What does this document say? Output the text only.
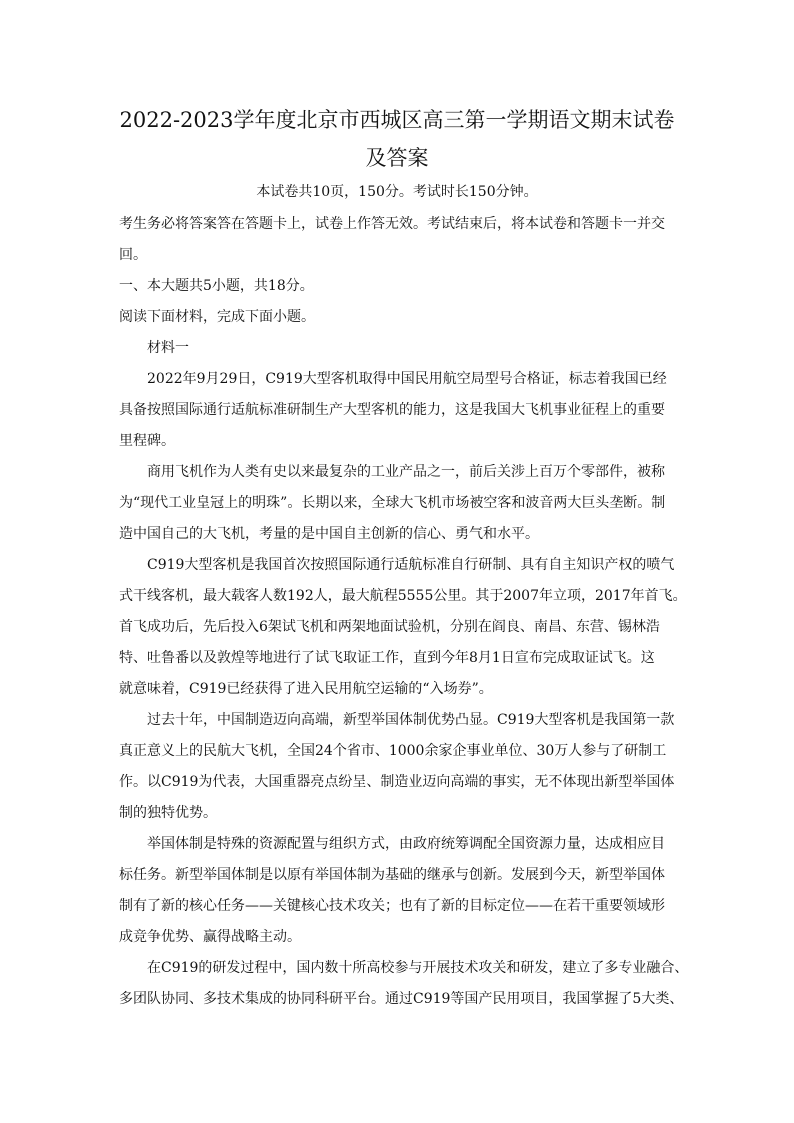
2022-2023学年度北京市西城区高三第一学期语文期末试卷
及答案
本试卷共10页，150分。考试时长150分钟。
考生务必将答案答在答题卡上，试卷上作答无效。考试结束后，将本试卷和答题卡一并交
回。
一、本大题共5小题，共18分。
阅读下面材料，完成下面小题。
材料一
2022年9月29日，C919大型客机取得中国民用航空局型号合格证，标志着我国已经
具备按照国际通行适航标准研制生产大型客机的能力，这是我国大飞机事业征程上的重要
里程碑。
商用飞机作为人类有史以来最复杂的工业产品之一，前后关涉上百万个零部件，被称
为“现代工业皇冠上的明珠”。长期以来，全球大飞机市场被空客和波音两大巨头垄断。制
造中国自己的大飞机，考量的是中国自主创新的信心、勇气和水平。
C919大型客机是我国首次按照国际通行适航标准自行研制、具有自主知识产权的喷气
式干线客机，最大载客人数192人，最大航程5555公里。其于2007年立项，2017年首飞。
首飞成功后，先后投入6架试飞机和两架地面试验机，分别在阎良、南昌、东营、锡林浩
特、吐鲁番以及敦煌等地进行了试飞取证工作，直到今年8月1日宣布完成取证试飞。这
就意味着，C919已经获得了进入民用航空运输的“入场券”。
过去十年，中国制造迈向高端，新型举国体制优势凸显。C919大型客机是我国第一款
真正意义上的民航大飞机，全国24个省市、1000余家企事业单位、30万人参与了研制工
作。以C919为代表，大国重器亮点纷呈、制造业迈向高端的事实，无不体现出新型举国体
制的独特优势。
举国体制是特殊的资源配置与组织方式，由政府统筹调配全国资源力量，达成相应目
标任务。新型举国体制是以原有举国体制为基础的继承与创新。发展到今天，新型举国体
制有了新的核心任务——关键核心技术攻关；也有了新的目标定位——在若干重要领域形
成竞争优势、赢得战略主动。
在C919的研发过程中，国内数十所高校参与开展技术攻关和研发，建立了多专业融合、
多团队协同、多技术集成的协同科研平台。通过C919等国产民用项目，我国掌握了5大类、
